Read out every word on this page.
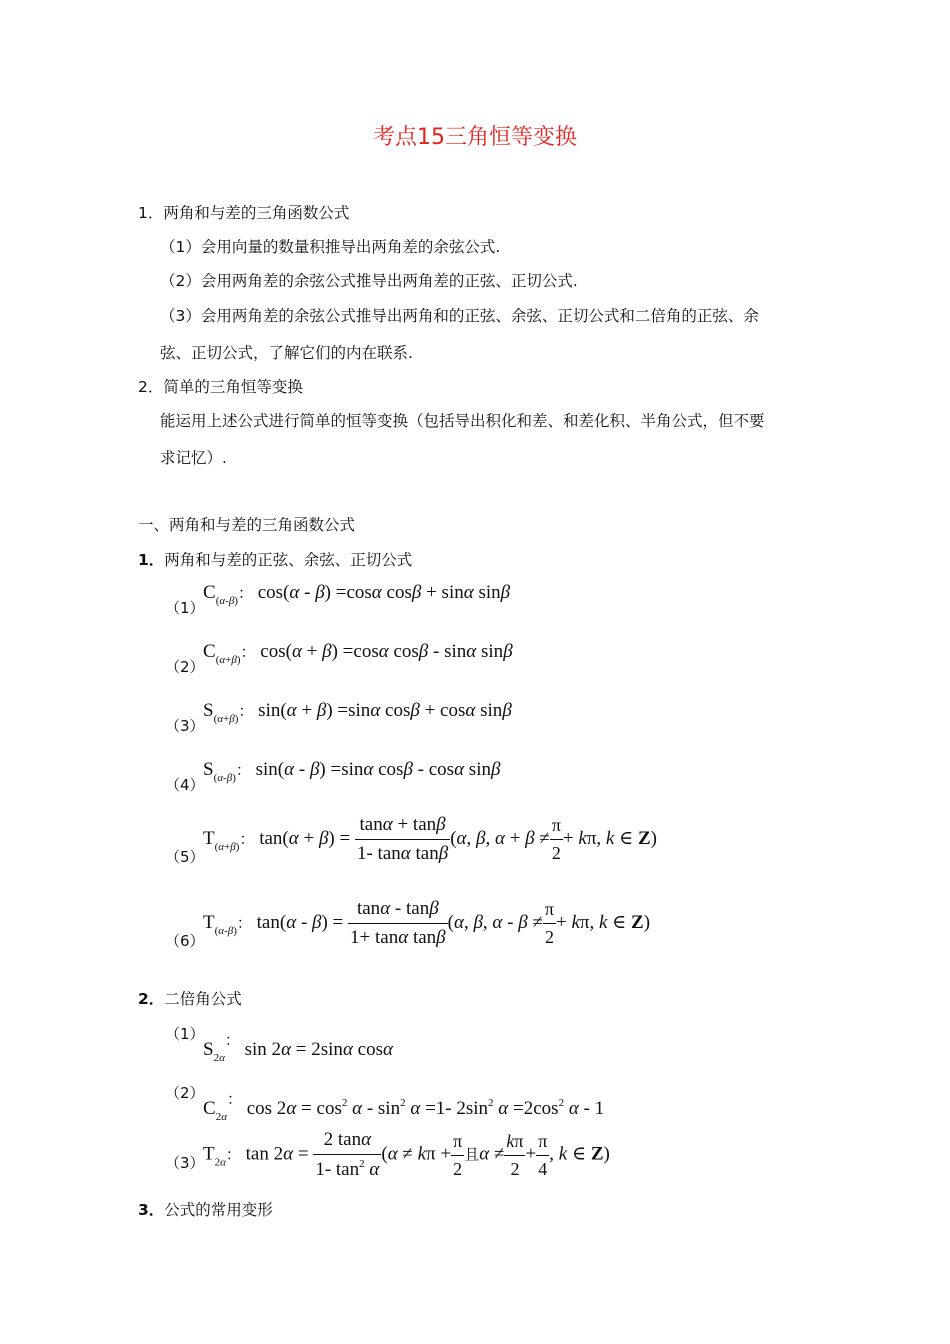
考点15三角恒等变换
1．两角和与差的三角函数公式
（1）会用向量的数量积推导出两角差的余弦公式.
（2）会用两角差的余弦公式推导出两角差的正弦、正切公式.
（3）会用两角差的余弦公式推导出两角和的正弦、余弦、正切公式和二倍角的正弦、余
弦、正切公式，了解它们的内在联系.
2．简单的三角恒等变换
能运用上述公式进行简单的恒等变换（包括导出积化和差、和差化积、半角公式，但不要
求记忆）.
一、两角和与差的三角函数公式
1．两角和与差的正弦、余弦、正切公式
（1）
$C_{(\alpha-\beta)}$： cos(α - β) =cosα cosβ + sinα sinβ
（2）
$C_{(\alpha+\beta)}$： cos(α + β) =cosα cosβ - sinα sinβ
（3）
$S_{(\alpha+\beta)}$： sin(α + β) =sinα cosβ + cosα sinβ
（4）
$S_{(\alpha-\beta)}$： sin(α - β) =sinα cosβ - cosα sinβ
（5）
$T_{(\alpha+\beta)}$： $\tan(\alpha + \beta) = \frac{\tan\alpha + \tan\beta}{\text{1- tanα tanβ}} (\alpha$, β, $\alpha + \beta \ne \frac{\pi}{2} + k\pi$, k ∈ Z)
（6）
$T_{(\alpha-\beta)}$： $\tan(\alpha - \beta) = \frac{\tan\alpha - \tan\beta}{\text{1+ tanα tanβ}} (\alpha$, β, $\alpha - \beta \ne \frac{\pi}{2} + k\pi$, k ∈ Z)
2．二倍角公式
（1）
$S_{2\alpha}^:$ sin 2α = 2sinα cosα
（2）
$C_{2\alpha}^:$ $\cos 2\alpha = \cos^2 \alpha - \sin^2 \alpha =1-$ $2\sin^2$ $\alpha =2\cos^2$ α - 1
（3）
$T_{2\alpha}$： $\tan 2\alpha = \frac{2 \tan\alpha}{1- \tan^2 \alpha} (\alpha \ne k\pi + \frac{\pi}{2}$ 且$\alpha \ne \frac{k\pi}{2} + \frac{\pi}{4}$ , k ∈ Z)
3．公式的常用变形
